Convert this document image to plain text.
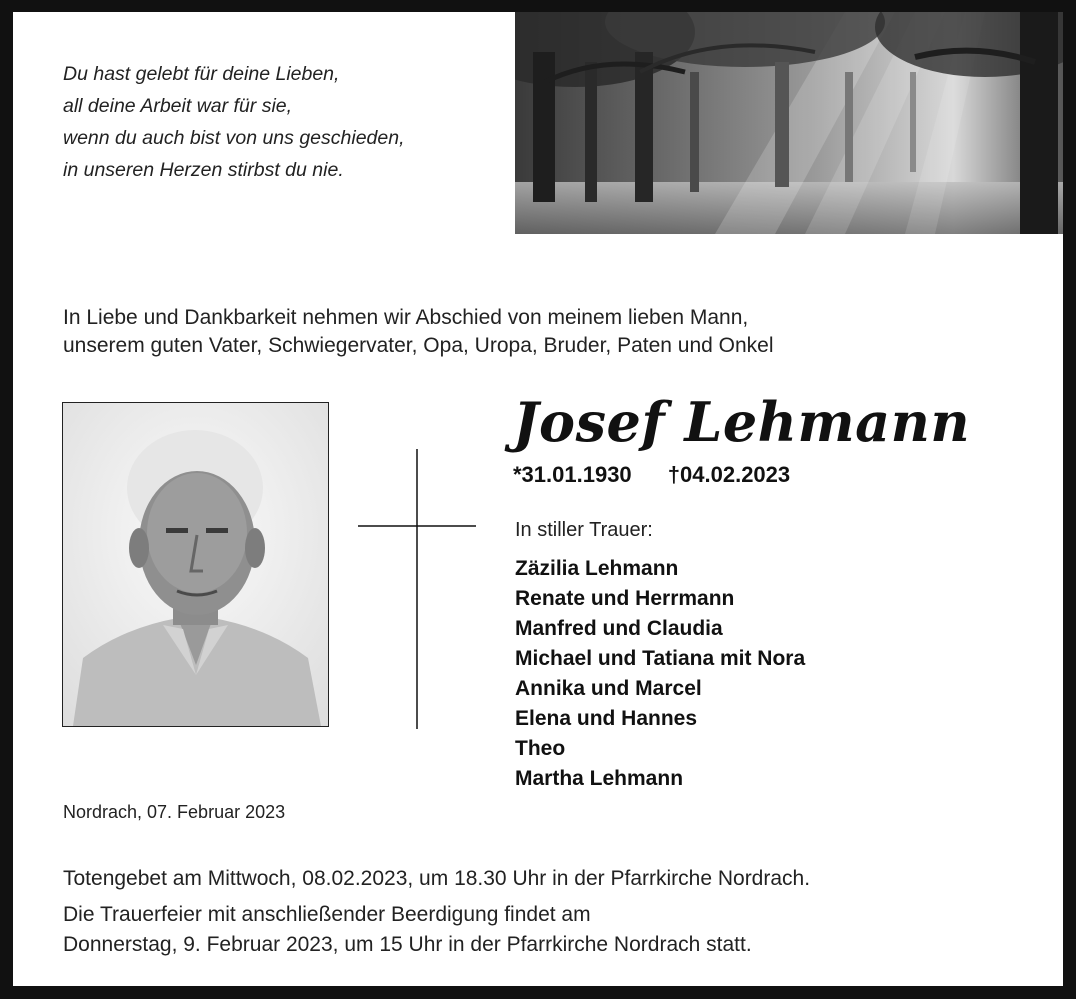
Du hast gelebt für deine Lieben,
all deine Arbeit war für sie,
wenn du auch bist von uns geschieden,
in unseren Herzen stirbst du nie.
In Liebe und Dankbarkeit nehmen wir Abschied von meinem lieben Mann,
unserem guten Vater, Schwiegervater, Opa, Uropa, Bruder, Paten und Onkel
Josef Lehmann
*31.01.1930 †04.02.2023
In stiller Trauer:
Zäzilia Lehmann
Renate und Herrmann
Manfred und Claudia
Michael und Tatiana mit Nora
Annika und Marcel
Elena und Hannes
Theo
Martha Lehmann
Nordrach, 07. Februar 2023
Totengebet am Mittwoch, 08.02.2023, um 18.30 Uhr in der Pfarrkirche Nordrach.
Die Trauerfeier mit anschließender Beerdigung findet am
Donnerstag, 9. Februar 2023, um 15 Uhr in der Pfarrkirche Nordrach statt.
